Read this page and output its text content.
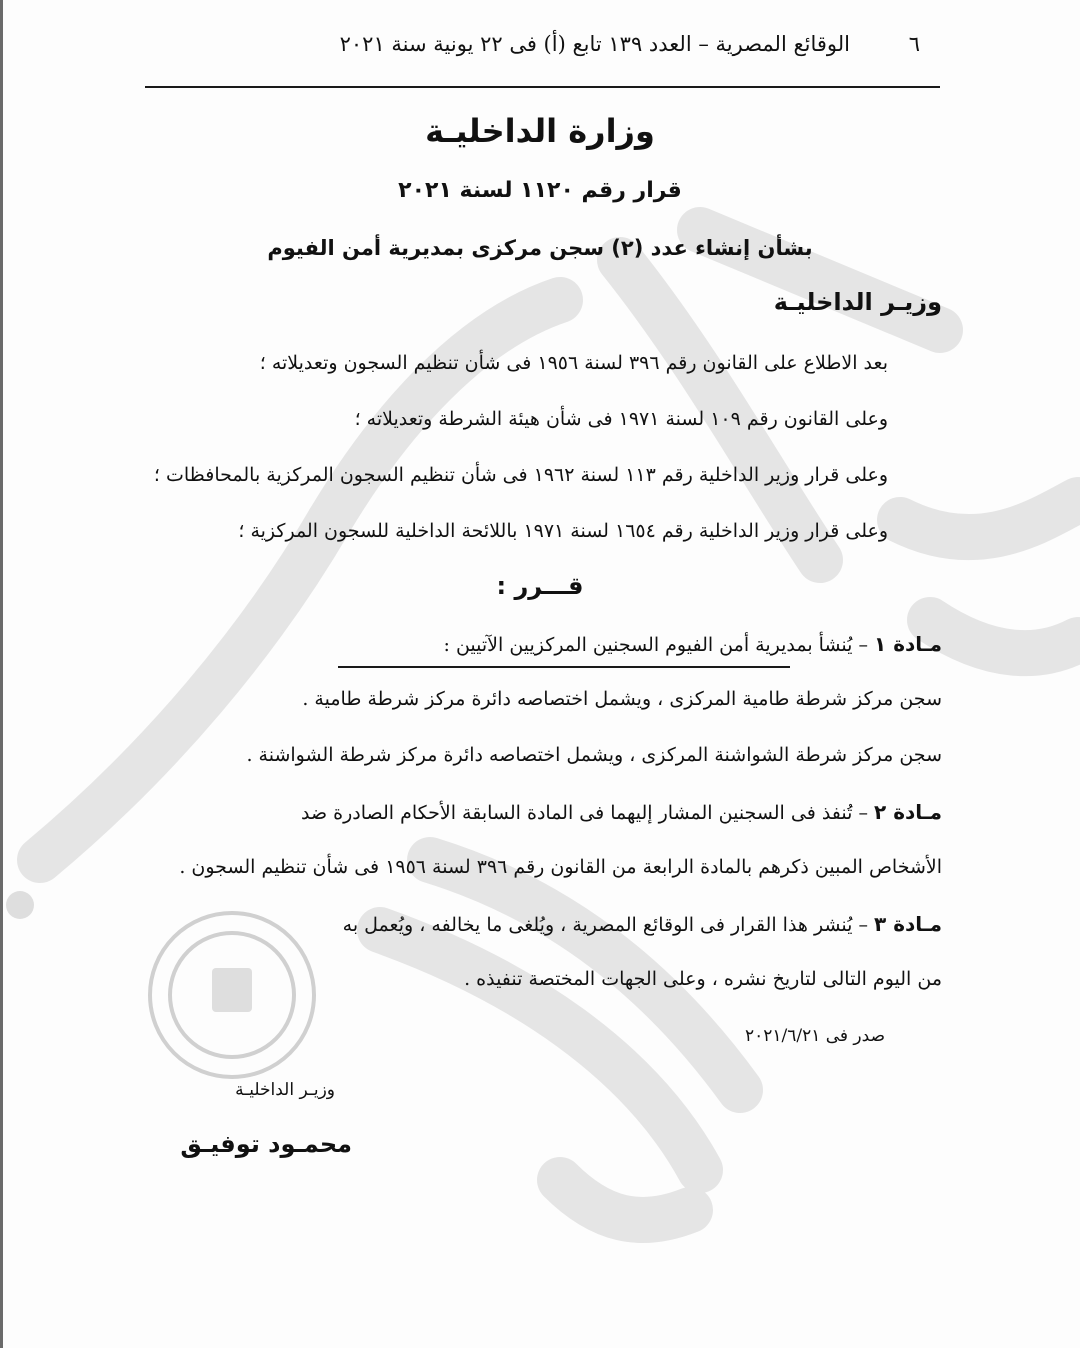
٦
الوقائع المصرية – العدد ١٣٩ تابع (أ) فى ٢٢ يونية سنة ٢٠٢١
وزارة الداخليـة
قرار رقم ١١٢٠ لسنة ٢٠٢١
بشأن إنشاء عدد (٢) سجن مركزى بمديرية أمن الفيوم
وزيـر الداخليـة
بعد الاطلاع على القانون رقم ٣٩٦ لسنة ١٩٥٦ فى شأن تنظيم السجون وتعديلاته ؛
وعلى القانون رقم ١٠٩ لسنة ١٩٧١ فى شأن هيئة الشرطة وتعديلاته ؛
وعلى قرار وزير الداخلية رقم ١١٣ لسنة ١٩٦٢ فى شأن تنظيم السجون المركزية بالمحافظات ؛
وعلى قرار وزير الداخلية رقم ١٦٥٤ لسنة ١٩٧١ باللائحة الداخلية للسجون المركزية ؛
قـــرر :
مـادة ١ – يُنشأ بمديرية أمن الفيوم السجنين المركزيين الآتيين :
سجن مركز شرطة طامية المركزى ، ويشمل اختصاصه دائرة مركز شرطة طامية .
سجن مركز شرطة الشواشنة المركزى ، ويشمل اختصاصه دائرة مركز شرطة الشواشنة .
مـادة ٢ – تُنفذ فى السجنين المشار إليهما فى المادة السابقة الأحكام الصادرة ضد
الأشخاص المبين ذكرهم بالمادة الرابعة من القانون رقم ٣٩٦ لسنة ١٩٥٦ فى شأن تنظيم السجون .
مـادة ٣ – يُنشر هذا القرار فى الوقائع المصرية ، ويُلغى ما يخالفه ، ويُعمل به
من اليوم التالى لتاريخ نشره ، وعلى الجهات المختصة تنفيذه .
صدر فى ٢٠٢١/٦/٢١
وزيـر الداخليـة
محمـود توفيـق
